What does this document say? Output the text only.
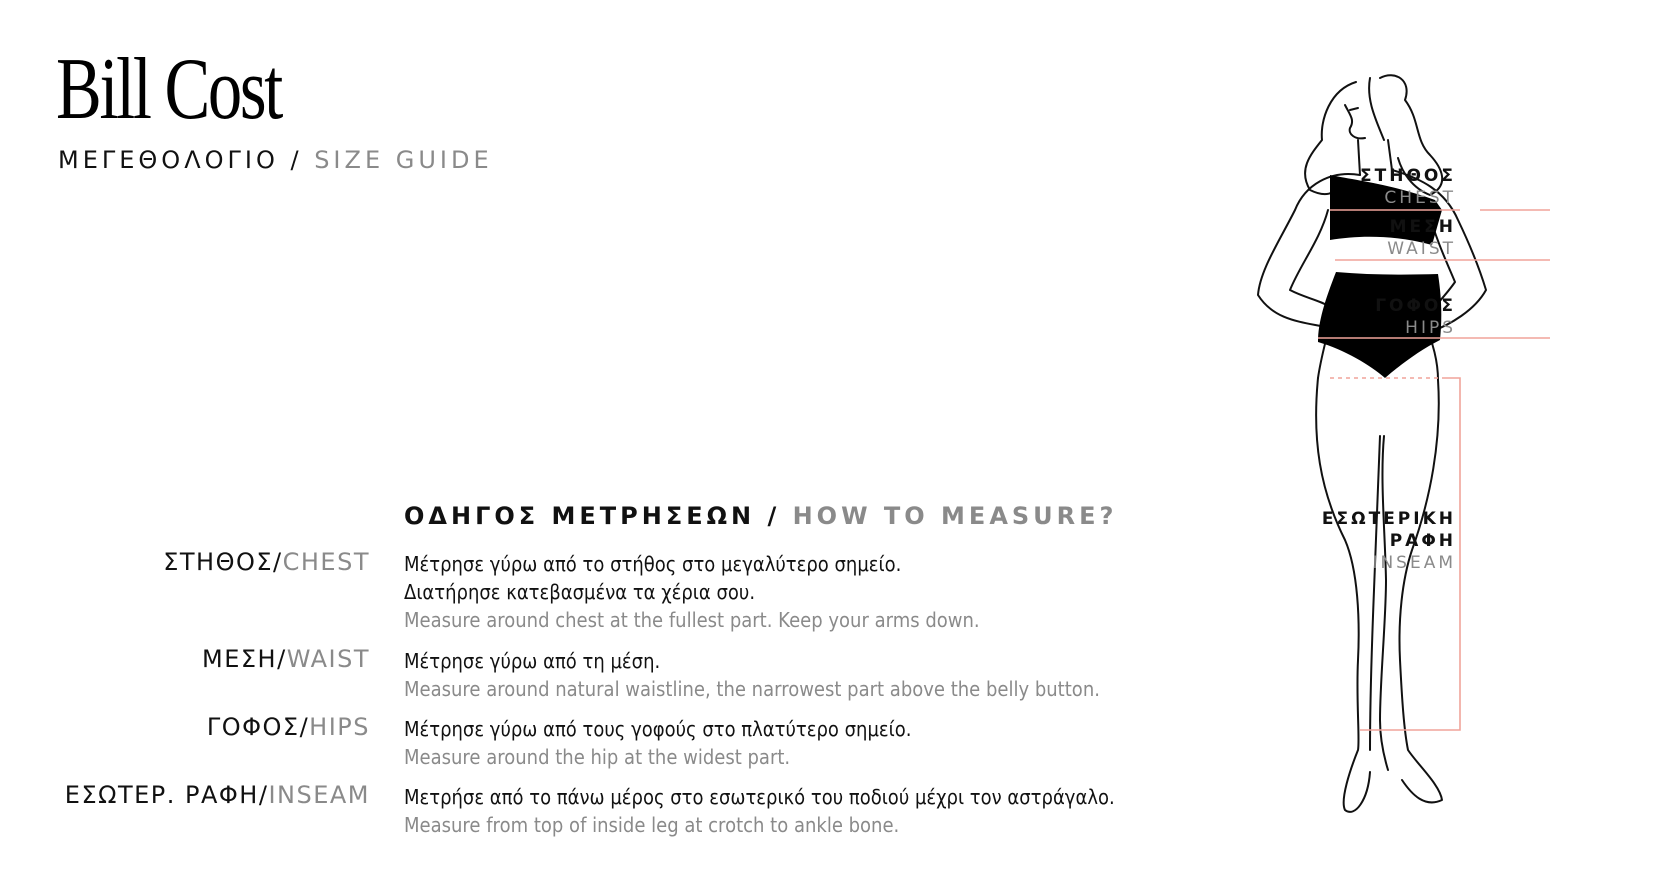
Bill Cost
ΜΕΓΕΘΟΛΟΓΙΟ / SIZE GUIDE
ΟΔΗΓΟΣ ΜΕΤΡΗΣΕΩΝ / HOW TO MEASURE?
ΣΤΗΘΟΣ/CHEST Μέτρησε γύρω από το στήθος στο μεγαλύτερο σημείο.
Διατήρησε κατεβασμένα τα χέρια σου.
Measure around chest at the fullest part. Keep your arms down.
ΜΕΣΗ/WAIST Μέτρησε γύρω από τη μέση.
Measure around natural waistline, the narrowest part above the belly button.
ΓΟΦΟΣ/HIPS Μέτρησε γύρω από τους γοφούς στο πλατύτερο σημείο.
Measure around the hip at the widest part.
ΕΣΩΤΕΡ. ΡΑΦΗ/INSEAM Μετρήσε από το πάνω μέρος στο εσωτερικό του ποδιού μέχρι τον αστράγαλο.
Measure from top of inside leg at crotch to ankle bone.
ΣΤΗΘΟΣ
CHEST
ΜΕΣΗ
WAIST
ΓΟΦΟΣ
HIPS
ΕΣΩΤΕΡΙΚΗ
ΡΑΦΗ
INSEAM
